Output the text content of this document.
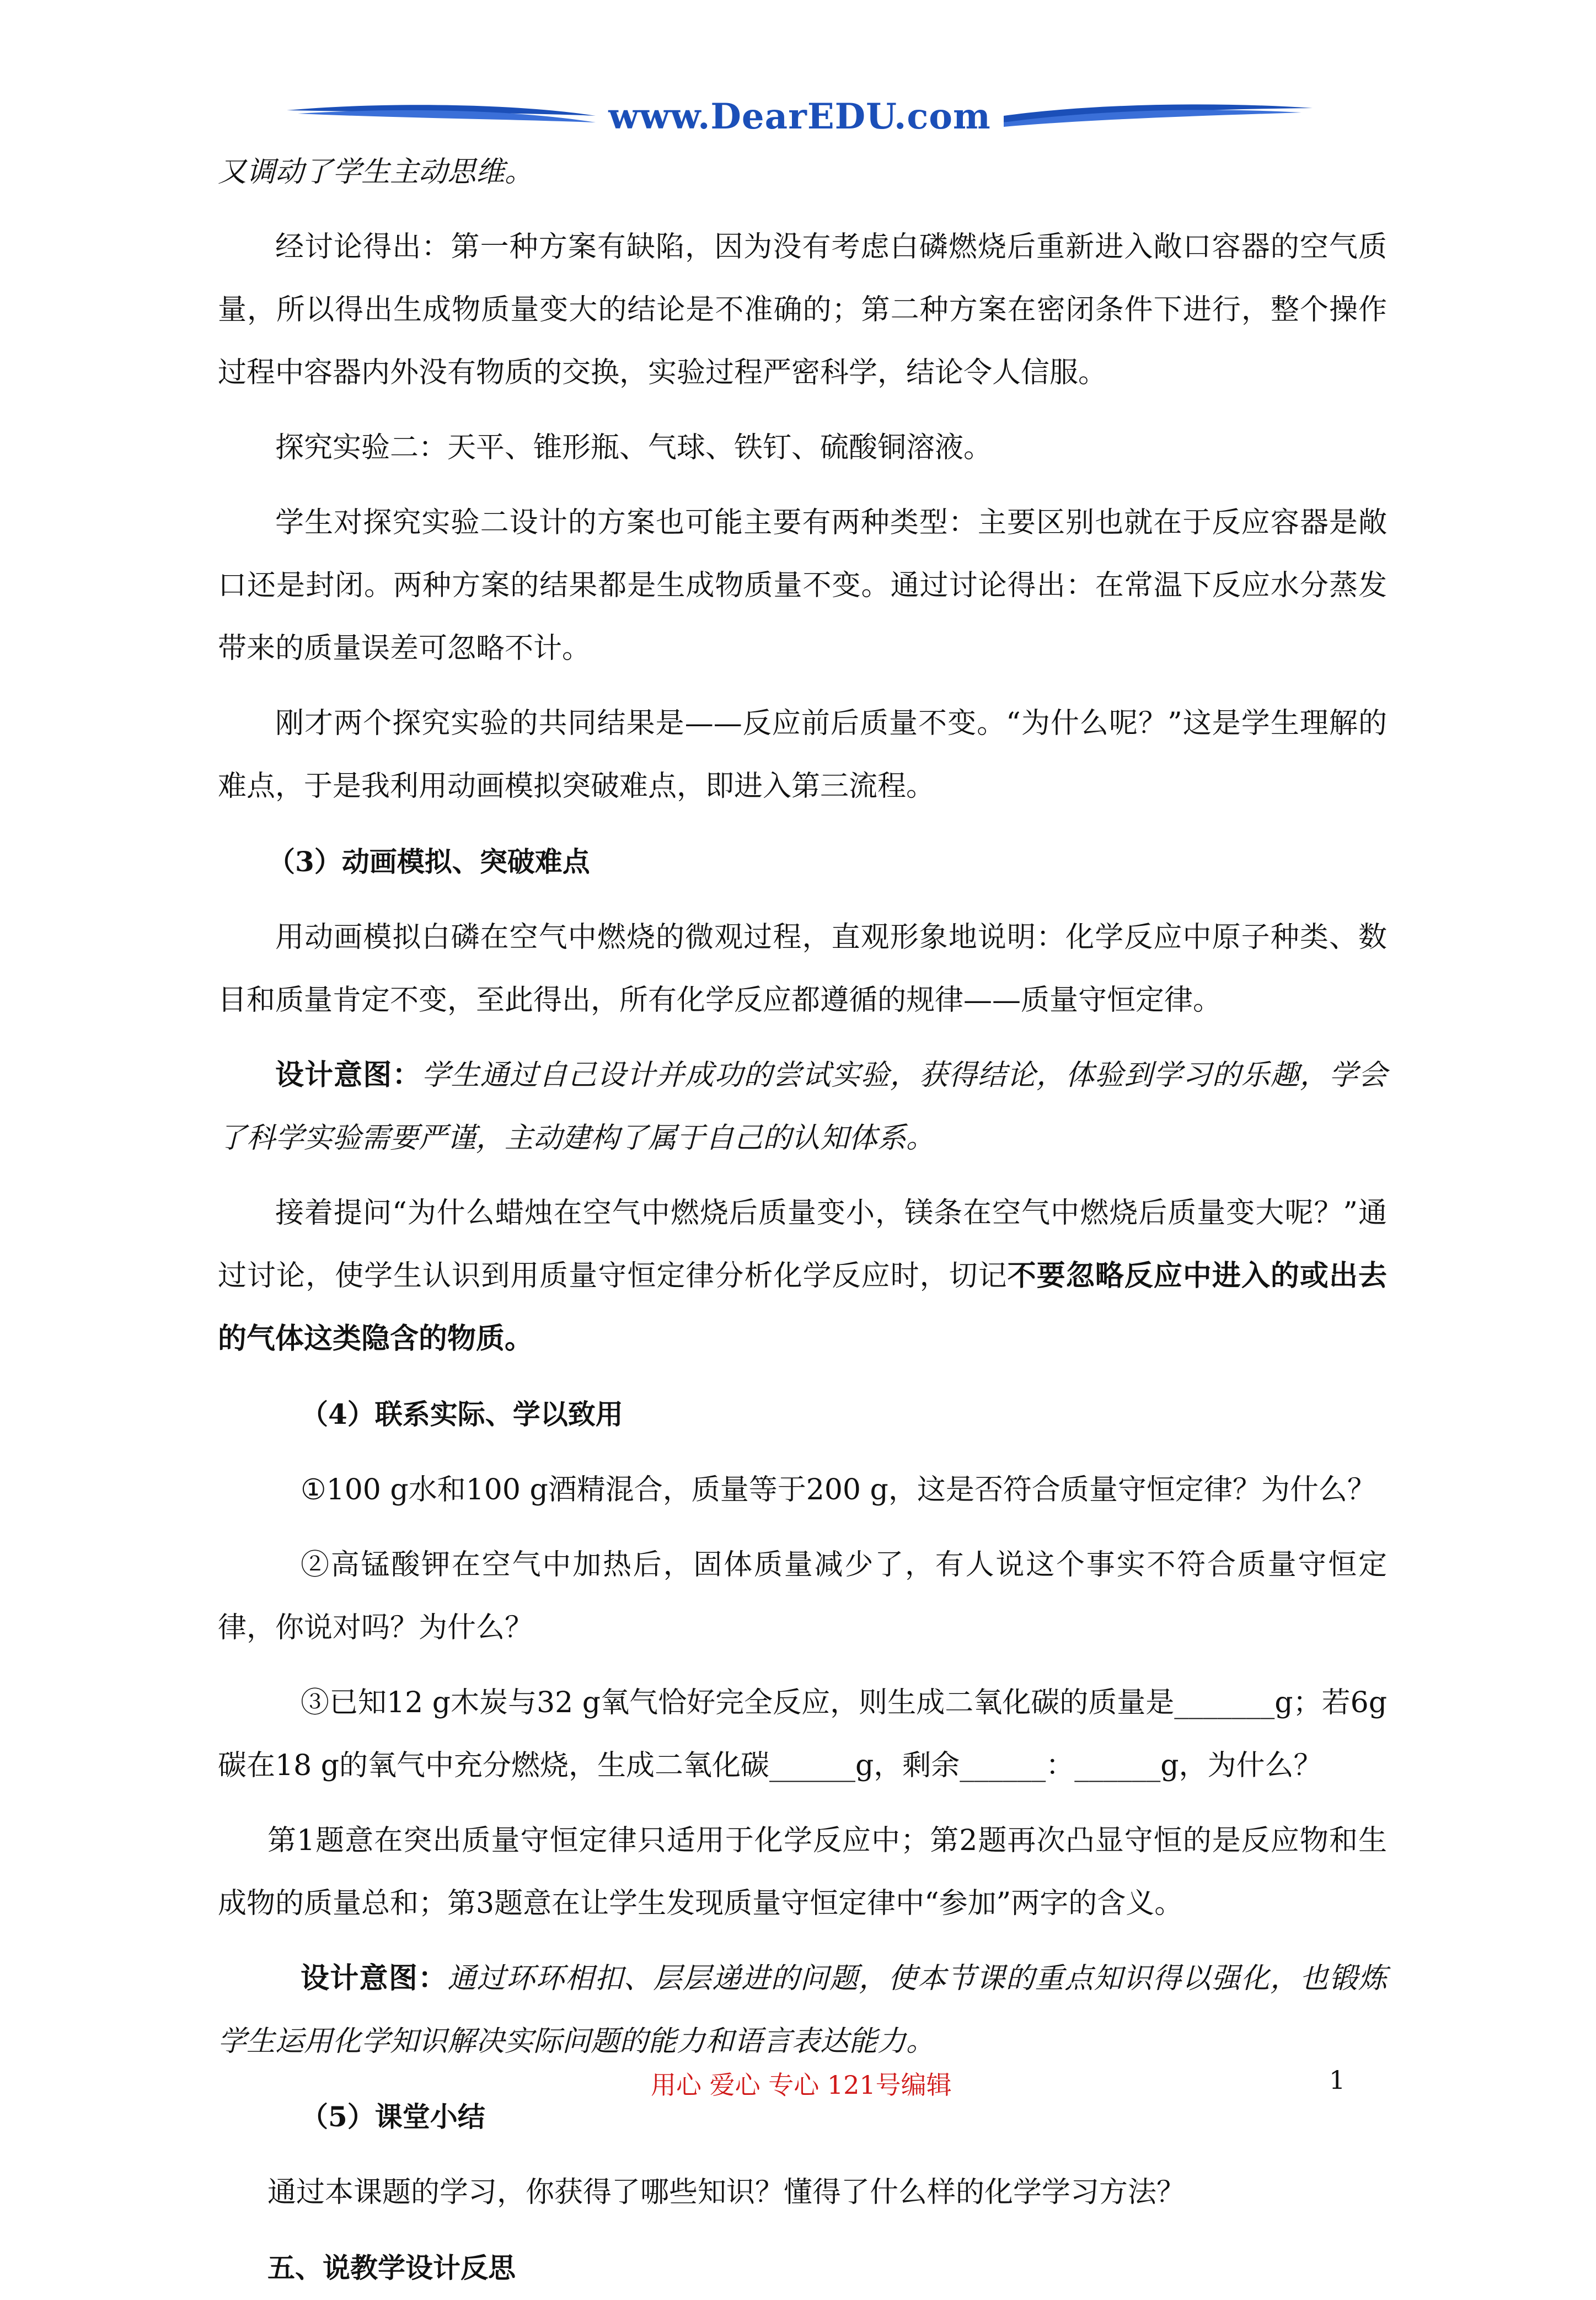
www.DearEDU.com

又调动了学生主动思维。

经讨论得出：第一种方案有缺陷，因为没有考虑白磷燃烧后重新进入敞口容器的空气质量，所以得出生成物质量变大的结论是不准确的；第二种方案在密闭条件下进行，整个操作过程中容器内外没有物质的交换，实验过程严密科学，结论令人信服。

探究实验二：天平、锥形瓶、气球、铁钉、硫酸铜溶液。

学生对探究实验二设计的方案也可能主要有两种类型：主要区别也就在于反应容器是敞口还是封闭。两种方案的结果都是生成物质量不变。通过讨论得出：在常温下反应水分蒸发带来的质量误差可忽略不计。

刚才两个探究实验的共同结果是——反应前后质量不变。“为什么呢？”这是学生理解的难点，于是我利用动画模拟突破难点，即进入第三流程。

（3）动画模拟、突破难点

用动画模拟白磷在空气中燃烧的微观过程，直观形象地说明：化学反应中原子种类、数目和质量肯定不变，至此得出，所有化学反应都遵循的规律——质量守恒定律。

设计意图：学生通过自己设计并成功的尝试实验，获得结论，体验到学习的乐趣，学会了科学实验需要严谨，主动建构了属于自己的认知体系。

接着提问“为什么蜡烛在空气中燃烧后质量变小，镁条在空气中燃烧后质量变大呢？”通过讨论，使学生认识到用质量守恒定律分析化学反应时，切记不要忽略反应中进入的或出去的气体这类隐含的物质。

（4）联系实际、学以致用

①100 g水和100 g酒精混合，质量等于200 g，这是否符合质量守恒定律？为什么？

②高锰酸钾在空气中加热后，固体质量减少了，有人说这个事实不符合质量守恒定律，你说对吗？为什么？

③已知12 g木炭与32 g氧气恰好完全反应，则生成二氧化碳的质量是_______g；若6g碳在18 g的氧气中充分燃烧，生成二氧化碳______g，剩余______：______g，为什么？

第1题意在突出质量守恒定律只适用于化学反应中；第2题再次凸显守恒的是反应物和生成物的质量总和；第3题意在让学生发现质量守恒定律中“参加”两字的含义。

设计意图：通过环环相扣、层层递进的问题，使本节课的重点知识得以强化，也锻炼学生运用化学知识解决实际问题的能力和语言表达能力。

（5）课堂小结

通过本课题的学习，你获得了哪些知识？懂得了什么样的化学学习方法？

五、说教学设计反思

用心 爱心 专心 121号编辑	1
